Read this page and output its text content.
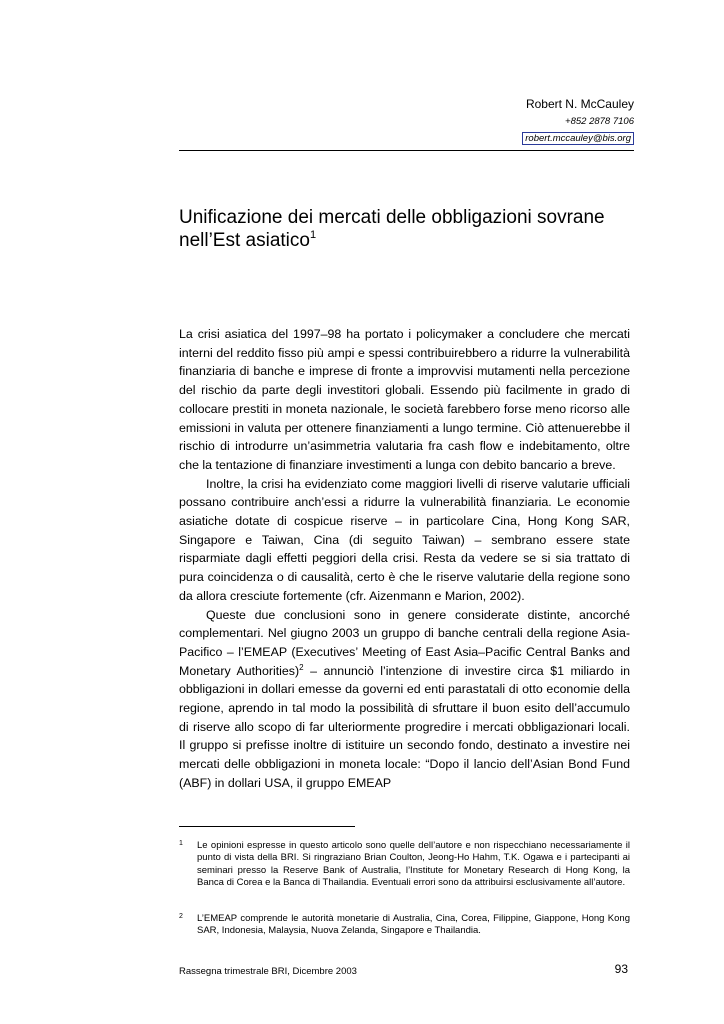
Robert N. McCauley
+852 2878 7106
robert.mccauley@bis.org
Unificazione dei mercati delle obbligazioni sovrane
nell’Est asiatico$^1$

La crisi asiatica del 1997–98 ha portato i policymaker a concludere che mercati interni del reddito fisso più ampi e spessi contribuirebbero a ridurre la vulnerabilità finanziaria di banche e imprese di fronte a improvvisi mutamenti nella percezione del rischio da parte degli investitori globali. Essendo più facilmente in grado di collocare prestiti in moneta nazionale, le società farebbero forse meno ricorso alle emissioni in valuta per ottenere finanziamenti a lungo termine. Ciò attenuerebbe il rischio di introdurre un’asimmetria valutaria fra cash flow e indebitamento, oltre che la tentazione di finanziare investimenti a lunga con debito bancario a breve.

Inoltre, la crisi ha evidenziato come maggiori livelli di riserve valutarie ufficiali possano contribuire anch’essi a ridurre la vulnerabilità finanziaria. Le economie asiatiche dotate di cospicue riserve – in particolare Cina, Hong Kong SAR, Singapore e Taiwan, Cina (di seguito Taiwan) – sembrano essere state risparmiate dagli effetti peggiori della crisi. Resta da vedere se si sia trattato di pura coincidenza o di causalità, certo è che le riserve valutarie della regione sono da allora cresciute fortemente (cfr. Aizenmann e Marion, 2002).

Queste due conclusioni sono in genere considerate distinte, ancorché complementari. Nel giugno 2003 un gruppo di banche centrali della regione Asia-Pacifico – l’EMEAP (Executives’ Meeting of East Asia–Pacific Central Banks and Monetary Authorities)$^2$ – annunciò l’intenzione di investire circa $1 miliardo in obbligazioni in dollari emesse da governi ed enti parastatali di otto economie della regione, aprendo in tal modo la possibilità di sfruttare il buon esito dell’accumulo di riserve allo scopo di far ulteriormente progredire i mercati obbligazionari locali. Il gruppo si prefisse inoltre di istituire un secondo fondo, destinato a investire nei mercati delle obbligazioni in moneta locale: “Dopo il lancio dell’Asian Bond Fund (ABF) in dollari USA, il gruppo EMEAP

1 Le opinioni espresse in questo articolo sono quelle dell’autore e non rispecchiano necessariamente il punto di vista della BRI. Si ringraziano Brian Coulton, Jeong-Ho Hahm, T.K. Ogawa e i partecipanti ai seminari presso la Reserve Bank of Australia, l’Institute for Monetary Research di Hong Kong, la Banca di Corea e la Banca di Thailandia. Eventuali errori sono da attribuirsi esclusivamente all’autore.
2 L’EMEAP comprende le autorità monetarie di Australia, Cina, Corea, Filippine, Giappone, Hong Kong SAR, Indonesia, Malaysia, Nuova Zelanda, Singapore e Thailandia.
Rassegna trimestrale BRI, Dicembre 2003	93
